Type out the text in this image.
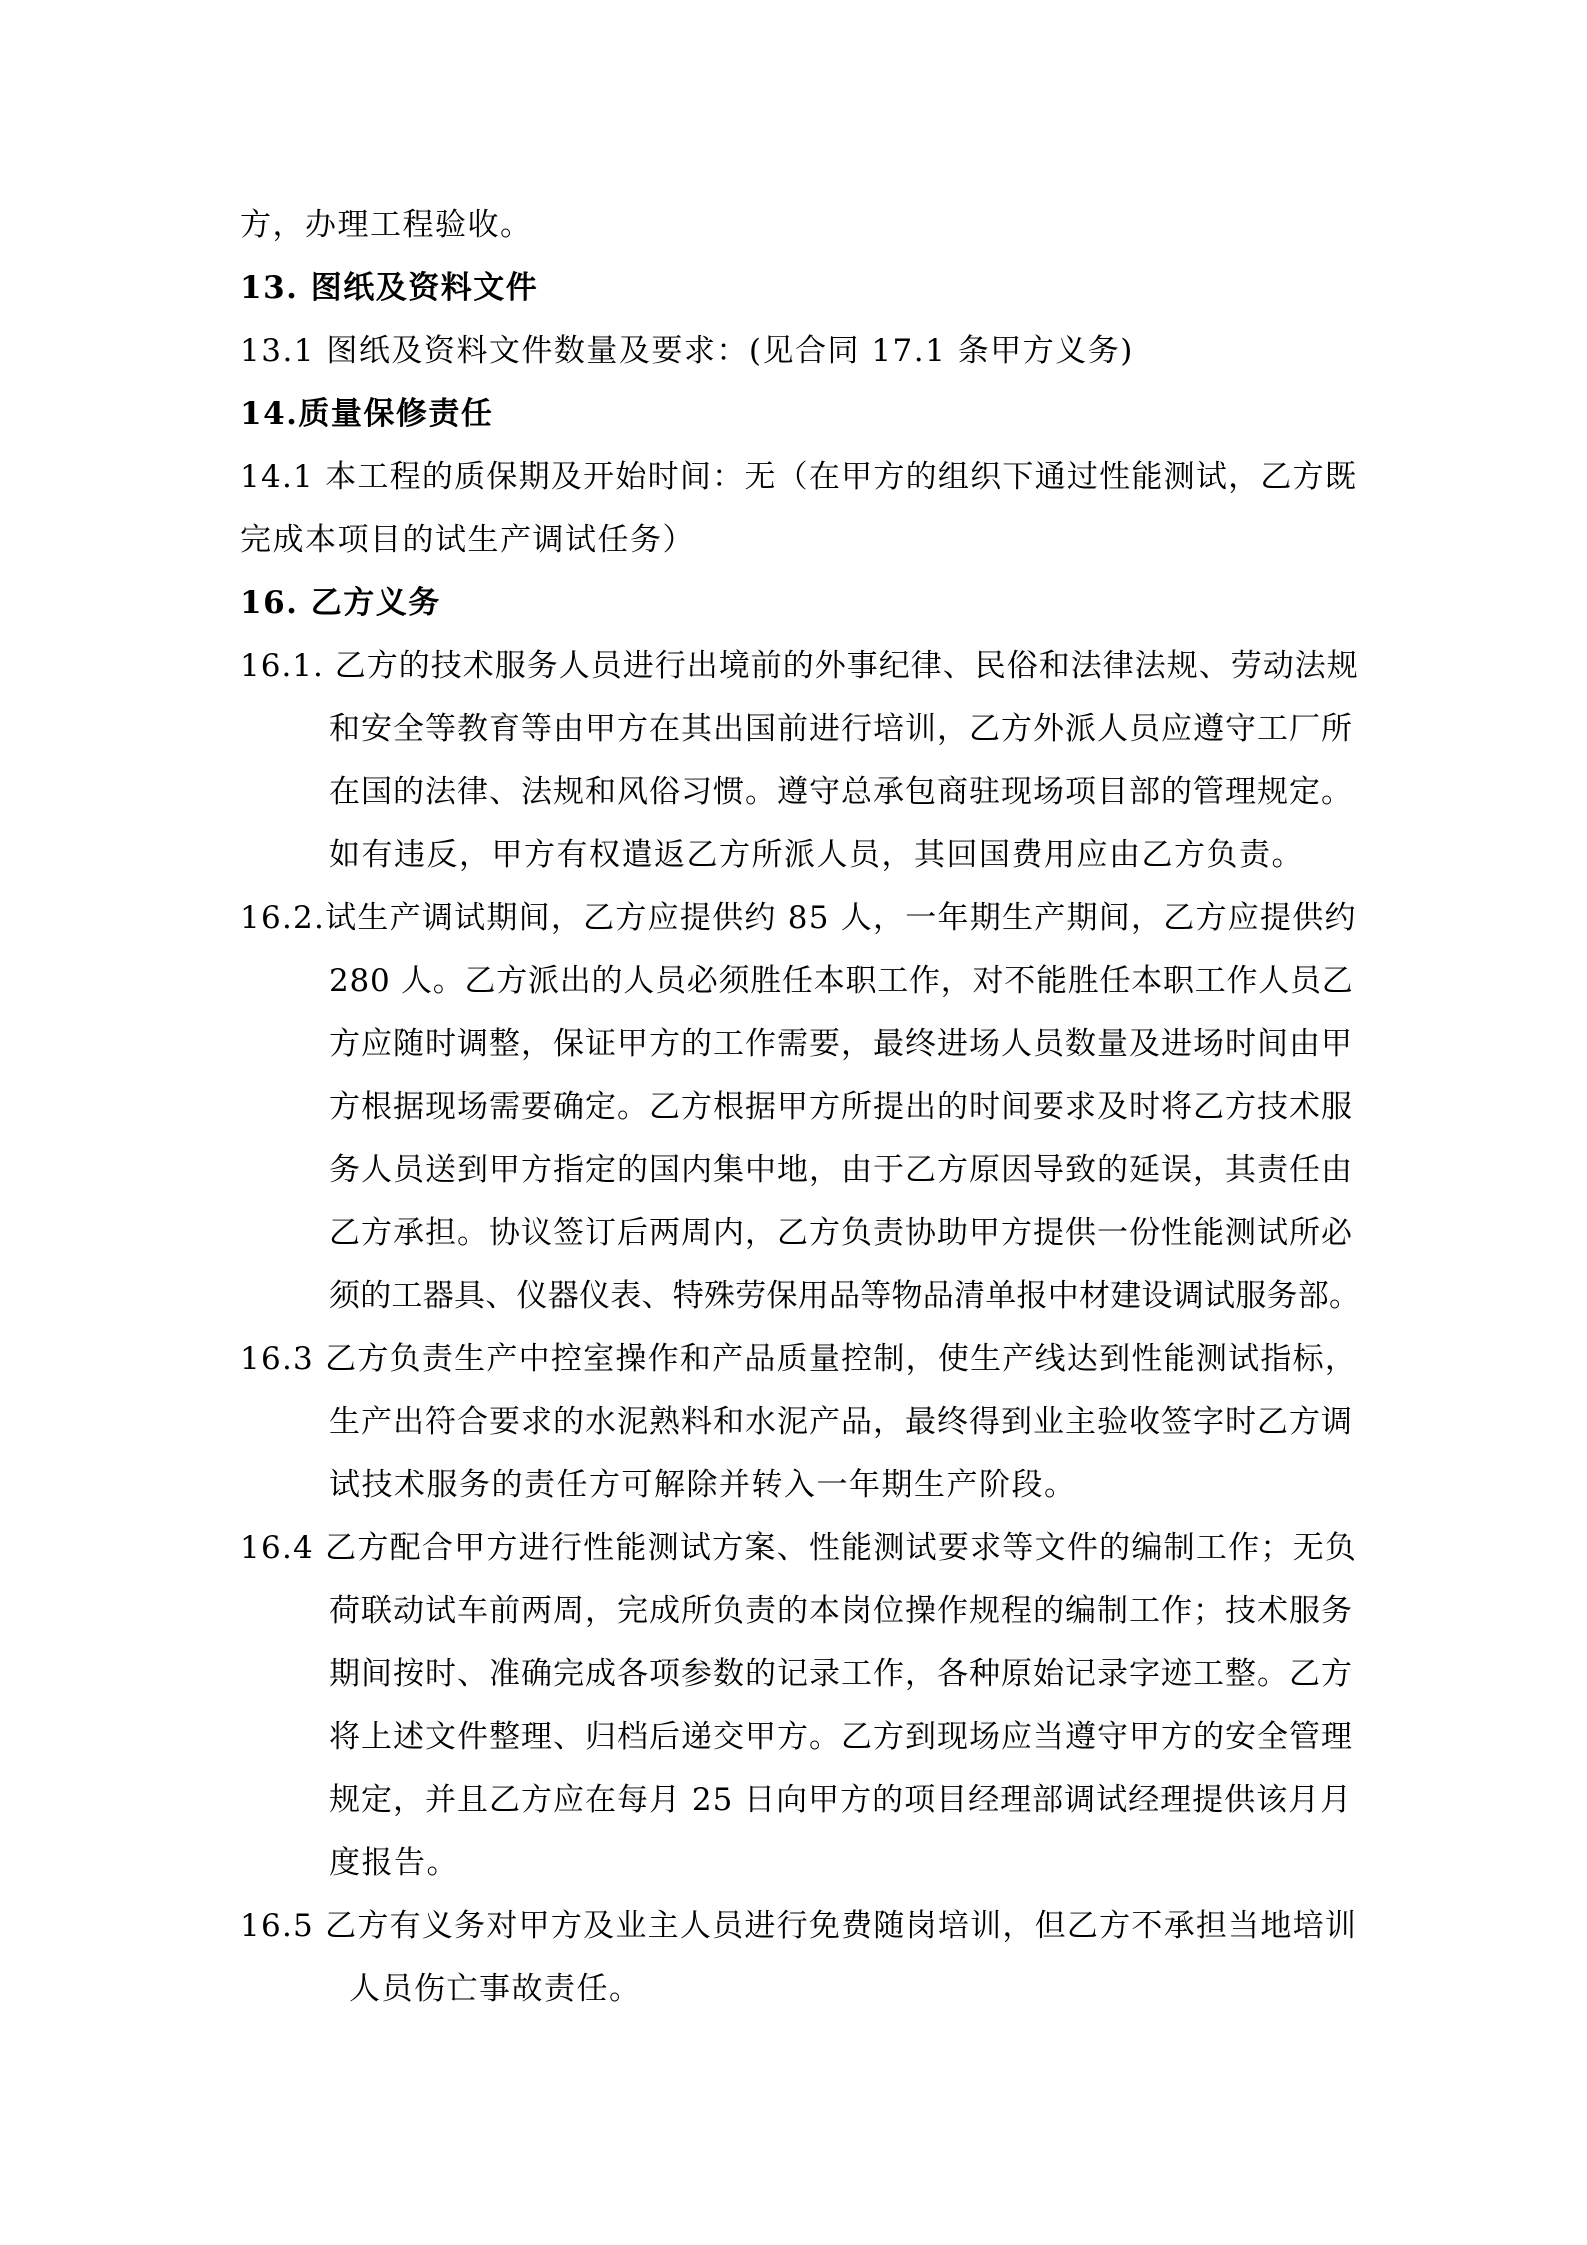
方，办理工程验收。
13. 图纸及资料文件
13.1 图纸及资料文件数量及要求：(见合同 17.1 条甲方义务)
14.质量保修责任
14.1 本工程的质保期及开始时间：无（在甲方的组织下通过性能测试，乙方既
完成本项目的试生产调试任务）
16. 乙方义务
16.1. 乙方的技术服务人员进行出境前的外事纪律、民俗和法律法规、劳动法规
和安全等教育等由甲方在其出国前进行培训，乙方外派人员应遵守工厂所
在国的法律、法规和风俗习惯。遵守总承包商驻现场项目部的管理规定。
如有违反，甲方有权遣返乙方所派人员，其回国费用应由乙方负责。
16.2.试生产调试期间，乙方应提供约 85 人，一年期生产期间，乙方应提供约
280 人。乙方派出的人员必须胜任本职工作，对不能胜任本职工作人员乙
方应随时调整，保证甲方的工作需要，最终进场人员数量及进场时间由甲
方根据现场需要确定。乙方根据甲方所提出的时间要求及时将乙方技术服
务人员送到甲方指定的国内集中地，由于乙方原因导致的延误，其责任由
乙方承担。协议签订后两周内，乙方负责协助甲方提供一份性能测试所必
须的工器具、仪器仪表、特殊劳保用品等物品清单报中材建设调试服务部。
16.3 乙方负责生产中控室操作和产品质量控制，使生产线达到性能测试指标，
生产出符合要求的水泥熟料和水泥产品，最终得到业主验收签字时乙方调
试技术服务的责任方可解除并转入一年期生产阶段。
16.4 乙方配合甲方进行性能测试方案、性能测试要求等文件的编制工作；无负
荷联动试车前两周，完成所负责的本岗位操作规程的编制工作；技术服务
期间按时、准确完成各项参数的记录工作，各种原始记录字迹工整。乙方
将上述文件整理、归档后递交甲方。乙方到现场应当遵守甲方的安全管理
规定，并且乙方应在每月 25 日向甲方的项目经理部调试经理提供该月月
度报告。
16.5 乙方有义务对甲方及业主人员进行免费随岗培训，但乙方不承担当地培训
人员伤亡事故责任。
